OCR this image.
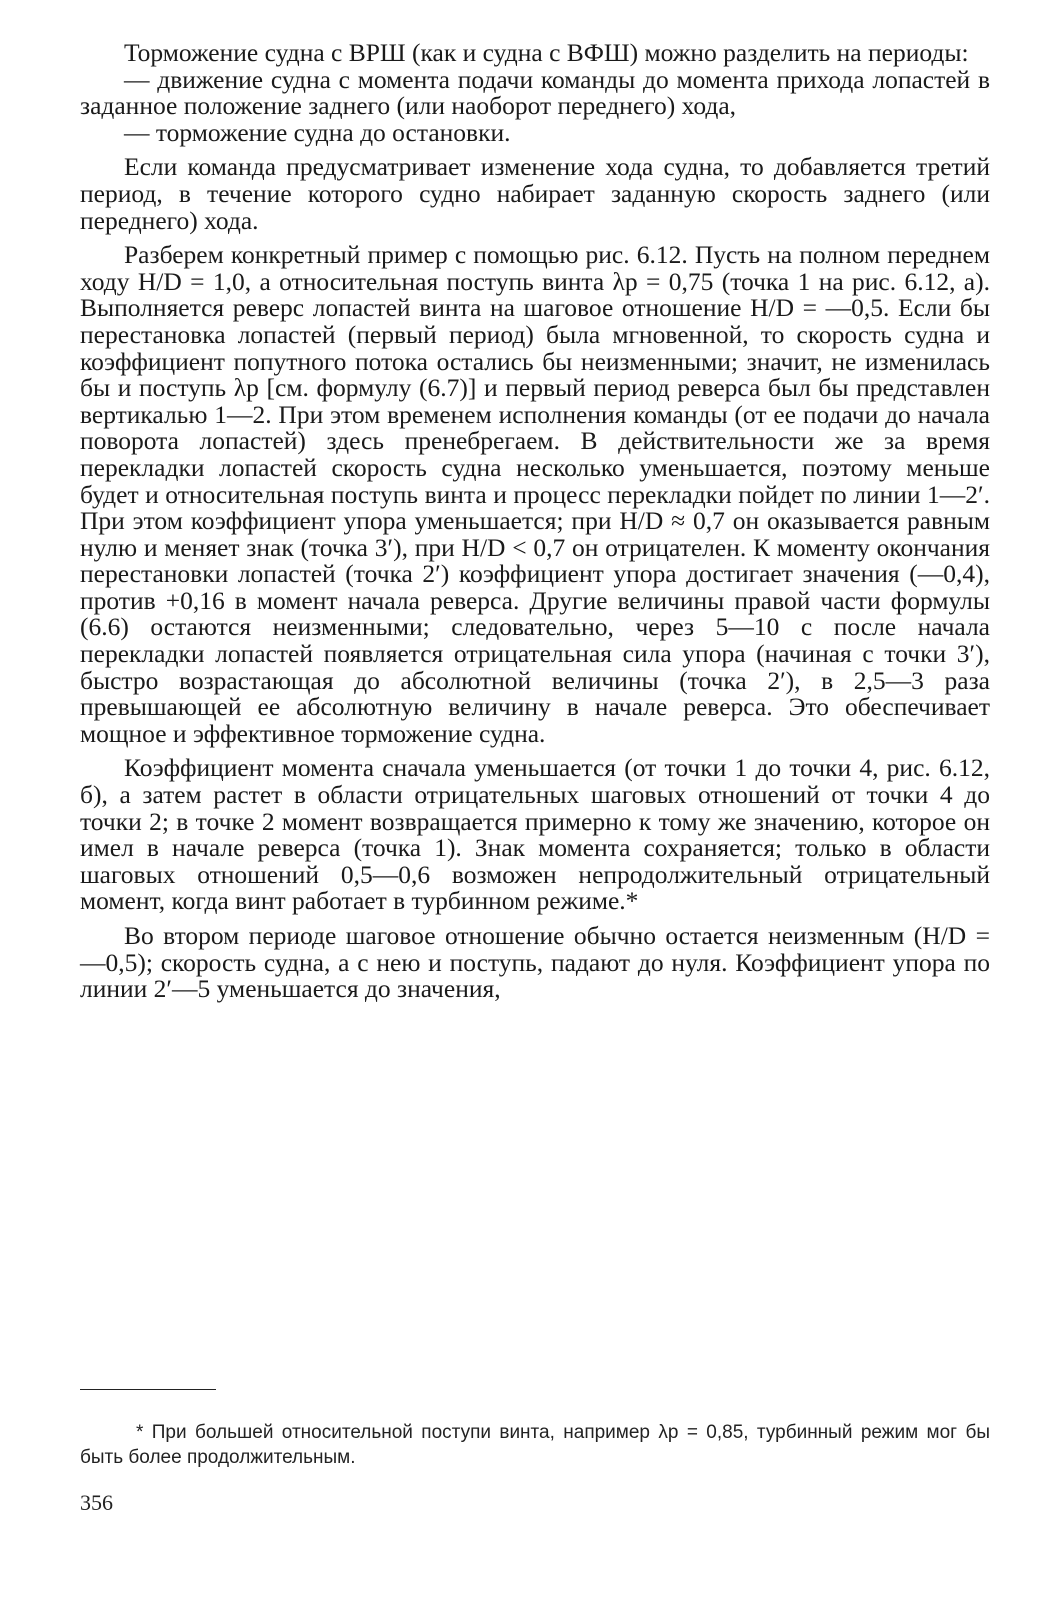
Торможение судна с ВРШ (как и судна с ВФШ) можно разделить на периоды:

— движение судна с момента подачи команды до момента прихода лопастей в заданное положение заднего (или наоборот переднего) хода,

— торможение судна до остановки.

Если команда предусматривает изменение хода судна, то добавляется третий период, в течение которого судно набирает заданную скорость заднего (или переднего) хода.

Разберем конкретный пример с помощью рис. 6.12. Пусть на полном переднем ходу H/D = 1,0, а относительная поступь винта λp = 0,75 (точка 1 на рис. 6.12, а). Выполняется реверс лопастей винта на шаговое отношение H/D = —0,5. Если бы перестановка лопастей (первый период) была мгновенной, то скорость судна и коэффициент попутного потока остались бы неизменными; значит, не изменилась бы и поступь λp [см. формулу (6.7)] и первый период реверса был бы представлен вертикалью 1—2. При этом временем исполнения команды (от ее подачи до начала поворота лопастей) здесь пренебрегаем. В действительности же за время перекладки лопастей скорость судна несколько уменьшается, поэтому меньше будет и относительная поступь винта и процесс перекладки пойдет по линии 1—2′. При этом коэффициент упора уменьшается; при H/D ≈ 0,7 он оказывается равным нулю и меняет знак (точка 3′), при H/D < 0,7 он отрицателен. К моменту окончания перестановки лопастей (точка 2′) коэффициент упора достигает значения (—0,4), против +0,16 в момент начала реверса. Другие величины правой части формулы (6.6) остаются неизменными; следовательно, через 5—10 с после начала перекладки лопастей появляется отрицательная сила упора (начиная с точки 3′), быстро возрастающая до абсолютной величины (точка 2′), в 2,5—3 раза превышающей ее абсолютную величину в начале реверса. Это обеспечивает мощное и эффективное торможение судна.

Коэффициент момента сначала уменьшается (от точки 1 до точки 4, рис. 6.12, б), а затем растет в области отрицательных шаговых отношений от точки 4 до точки 2; в точке 2 момент возвращается примерно к тому же значению, которое он имел в начале реверса (точка 1). Знак момента сохраняется; только в области шаговых отношений 0,5—0,6 возможен непродолжительный отрицательный момент, когда винт работает в турбинном режиме.*

Во втором периоде шаговое отношение обычно остается неизменным (H/D = —0,5); скорость судна, а с нею и поступь, падают до нуля. Коэффициент упора по линии 2′—5 уменьшается до значения,

* При большей относительной поступи винта, например λp = 0,85, турбинный режим мог бы быть более продолжительным.
356
